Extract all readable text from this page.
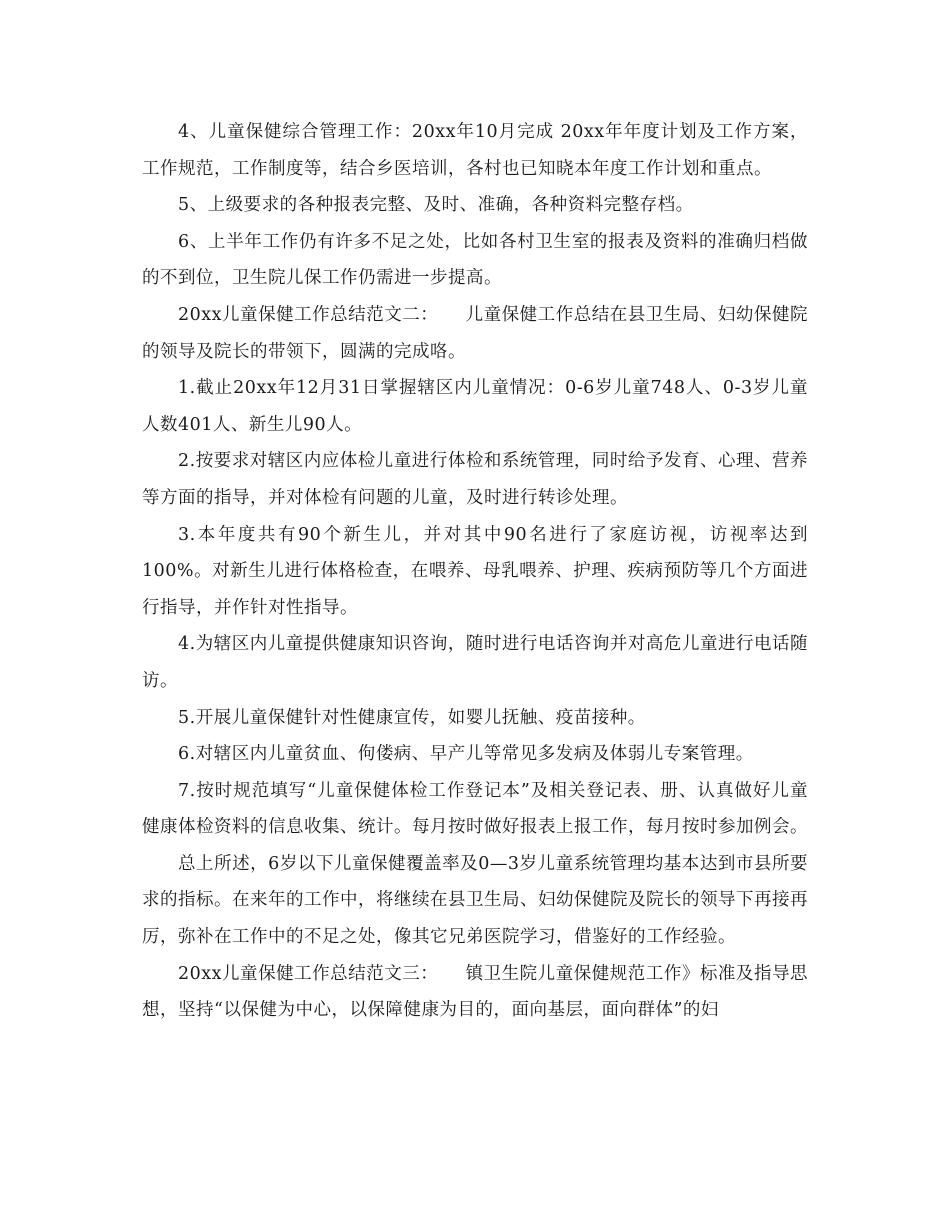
4、儿童保健综合管理工作：20xx年10月完成 20xx年年度计划及工作方案，工作规范，工作制度等，结合乡医培训，各村也已知晓本年度工作计划和重点。

5、上级要求的各种报表完整、及时、准确，各种资料完整存档。

6、上半年工作仍有许多不足之处，比如各村卫生室的报表及资料的准确归档做的不到位，卫生院儿保工作仍需进一步提高。

20xx儿童保健工作总结范文二：　　儿童保健工作总结在县卫生局、妇幼保健院的领导及院长的带领下，圆满的完成咯。

1.截止20xx年12月31日掌握辖区内儿童情况：0-6岁儿童748人、0-3岁儿童人数401人、新生儿90人。

2.按要求对辖区内应体检儿童进行体检和系统管理，同时给予发育、心理、营养等方面的指导，并对体检有问题的儿童，及时进行转诊处理。

3.本年度共有90个新生儿，并对其中90名进行了家庭访视，访视率达到100%。对新生儿进行体格检查，在喂养、母乳喂养、护理、疾病预防等几个方面进行指导，并作针对性指导。

4.为辖区内儿童提供健康知识咨询，随时进行电话咨询并对高危儿童进行电话随访。

5.开展儿童保健针对性健康宣传，如婴儿抚触、疫苗接种。

6.对辖区内儿童贫血、佝偻病、早产儿等常见多发病及体弱儿专案管理。

7.按时规范填写“儿童保健体检工作登记本”及相关登记表、册、认真做好儿童健康体检资料的信息收集、统计。每月按时做好报表上报工作，每月按时参加例会。

总上所述，6岁以下儿童保健覆盖率及0—3岁儿童系统管理均基本达到市县所要求的指标。在来年的工作中，将继续在县卫生局、妇幼保健院及院长的领导下再接再厉，弥补在工作中的不足之处，像其它兄弟医院学习，借鉴好的工作经验。

20xx儿童保健工作总结范文三：　　镇卫生院儿童保健规范工作》标准及指导思想，坚持“以保健为中心，以保障健康为目的，面向基层，面向群体”的妇
